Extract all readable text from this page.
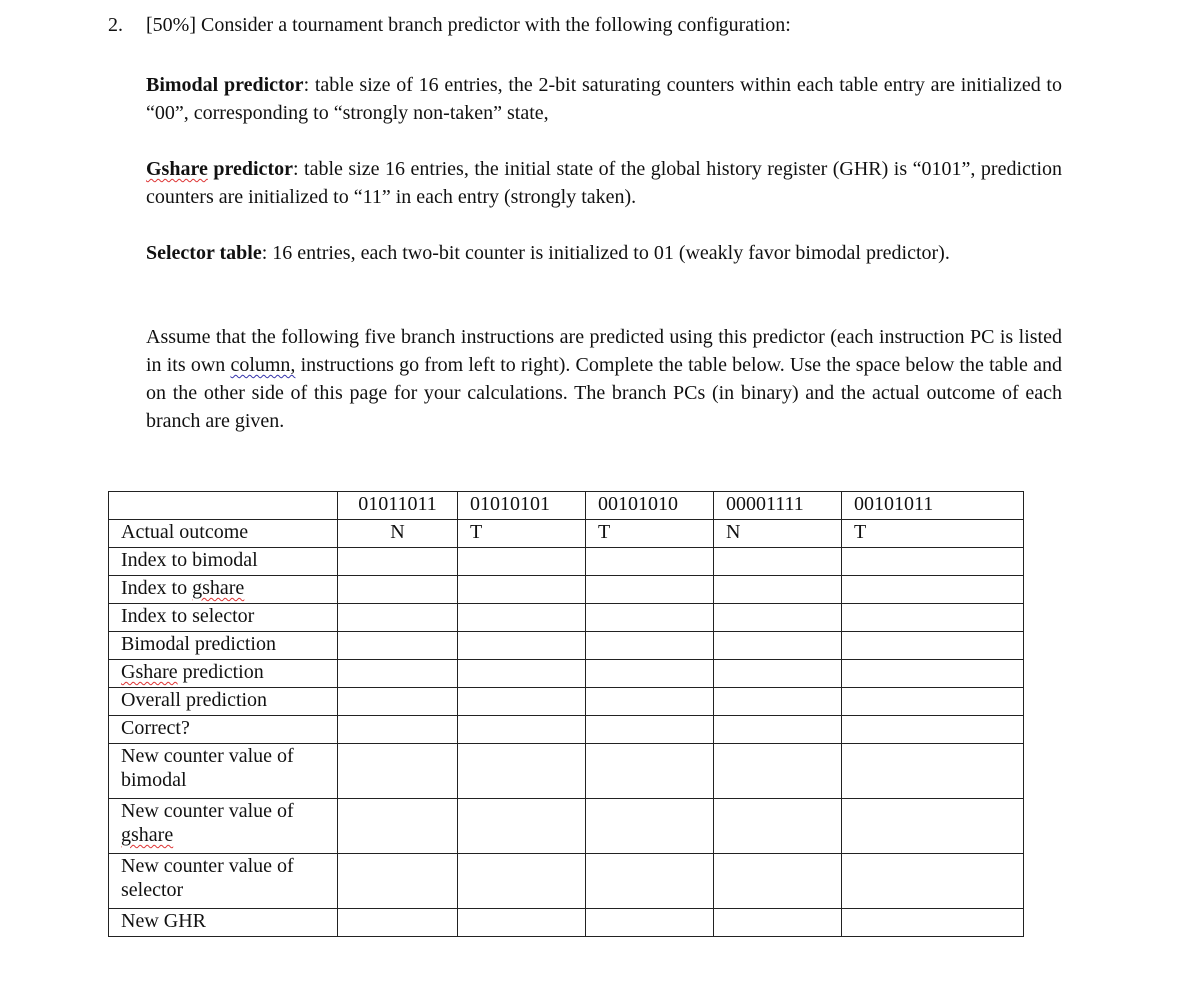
2. [50%] Consider a tournament branch predictor with the following configuration:
Bimodal predictor: table size of 16 entries, the 2-bit saturating counters within each table entry are initialized to “00”, corresponding to “strongly non-taken” state,
Gshare predictor: table size 16 entries, the initial state of the global history register (GHR) is “0101”, prediction counters are initialized to “11” in each entry (strongly taken).
Selector table: 16 entries, each two-bit counter is initialized to 01 (weakly favor bimodal predictor).
Assume that the following five branch instructions are predicted using this predictor (each instruction PC is listed in its own column, instructions go from left to right). Complete the table below. Use the space below the table and on the other side of this page for your calculations. The branch PCs (in binary) and the actual outcome of each branch are given.
	01011011	01010101	00101010	00001111	00101011
Actual outcome	N	T	T	N	T
Index to bimodal					
Index to gshare					
Index to selector					
Bimodal prediction					
Gshare prediction					
Overall prediction					
Correct?					
New counter value of bimodal					
New counter value of gshare					
New counter value of selector					
New GHR					
